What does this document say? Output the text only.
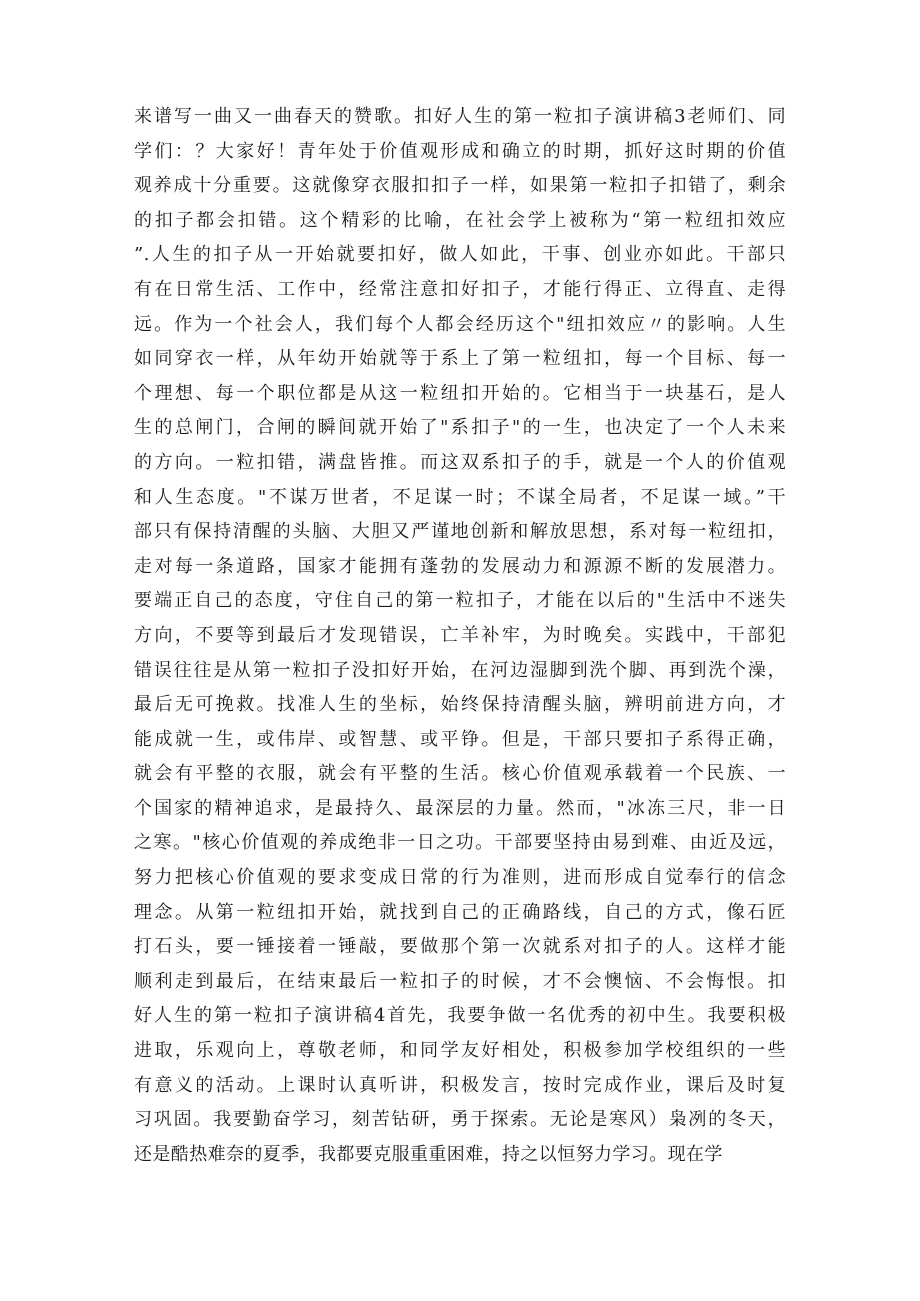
来谱写一曲又一曲春天的赞歌。扣好人生的第一粒扣子演讲稿3老师们、同
学们：？大家好！青年处于价值观形成和确立的时期，抓好这时期的价值
观养成十分重要。这就像穿衣服扣扣子一样，如果第一粒扣子扣错了，剩余
的扣子都会扣错。这个精彩的比喻，在社会学上被称为“第一粒纽扣效应
”.人生的扣子从一开始就要扣好，做人如此，干事、创业亦如此。干部只
有在日常生活、工作中，经常注意扣好扣子，才能行得正、立得直、走得
远。作为一个社会人，我们每个人都会经历这个"纽扣效应〃的影响。人生
如同穿衣一样，从年幼开始就等于系上了第一粒纽扣，每一个目标、每一
个理想、每一个职位都是从这一粒纽扣开始的。它相当于一块基石，是人
生的总闸门，合闸的瞬间就开始了"系扣子"的一生，也决定了一个人未来
的方向。一粒扣错，满盘皆推。而这双系扣子的手，就是一个人的价值观
和人生态度。"不谋万世者，不足谋一时；不谋全局者，不足谋一域。”干
部只有保持清醒的头脑、大胆又严谨地创新和解放思想，系对每一粒纽扣，
走对每一条道路，国家才能拥有蓬勃的发展动力和源源不断的发展潜力。
要端正自己的态度，守住自己的第一粒扣子，才能在以后的"生活中不迷失
方向，不要等到最后才发现错误，亡羊补牢，为时晚矣。实践中，干部犯
错误往往是从第一粒扣子没扣好开始，在河边湿脚到洗个脚、再到洗个澡，
最后无可挽救。找准人生的坐标，始终保持清醒头脑，辨明前进方向，才
能成就一生，或伟岸、或智慧、或平铮。但是，干部只要扣子系得正确，
就会有平整的衣服，就会有平整的生活。核心价值观承载着一个民族、一
个国家的精神追求，是最持久、最深层的力量。然而，"冰冻三尺，非一日
之寒。"核心价值观的养成绝非一日之功。干部要坚持由易到难、由近及远，
努力把核心价值观的要求变成日常的行为准则，进而形成自觉奉行的信念
理念。从第一粒纽扣开始，就找到自己的正确路线，自己的方式，像石匠
打石头，要一锤接着一锤敲，要做那个第一次就系对扣子的人。这样才能
顺利走到最后，在结束最后一粒扣子的时候，才不会懊恼、不会悔恨。扣
好人生的第一粒扣子演讲稿4首先，我要争做一名优秀的初中生。我要积极
进取，乐观向上，尊敬老师，和同学友好相处，积极参加学校组织的一些
有意义的活动。上课时认真听讲，积极发言，按时完成作业，课后及时复
习巩固。我要勤奋学习，刻苦钻研，勇于探索。无论是寒风）枭冽的冬天，
还是酷热难奈的夏季，我都要克服重重困难，持之以恒努力学习。现在学
